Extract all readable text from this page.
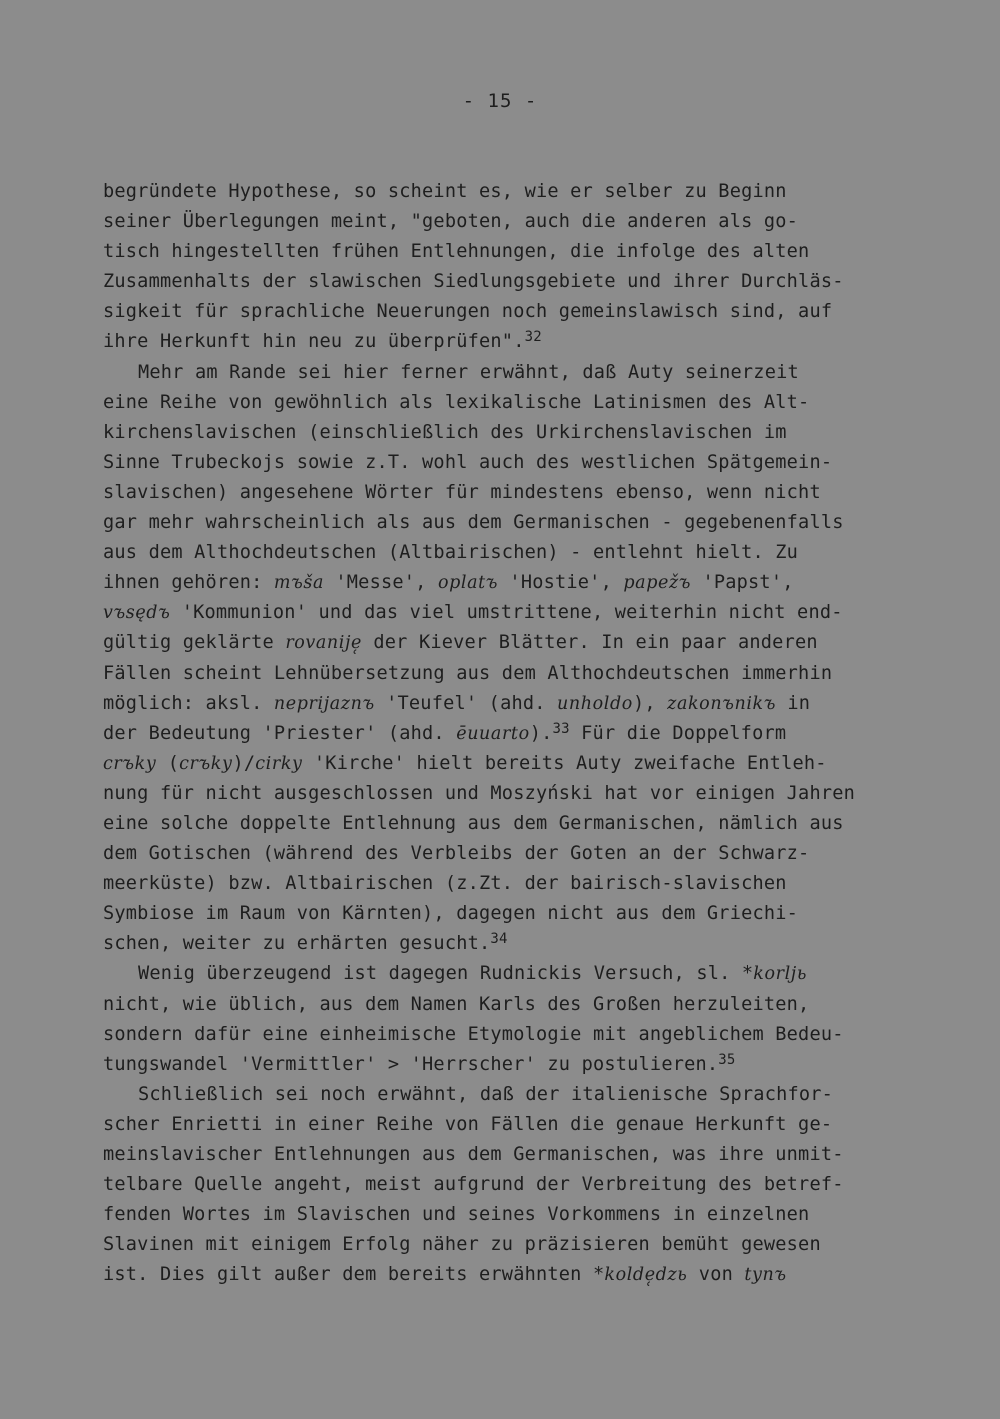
- 15 -
begründete Hypothese, so scheint es, wie er selber zu Beginn
seiner Überlegungen meint, "geboten, auch die anderen als go-
tisch hingestellten frühen Entlehnungen, die infolge des alten
Zusammenhalts der slawischen Siedlungsgebiete und ihrer Durchläs-
sigkeit für sprachliche Neuerungen noch gemeinslawisch sind, auf
ihre Herkunft hin neu zu überprüfen".$^{32}$
Mehr am Rande sei hier ferner erwähnt, daß Auty seinerzeit
eine Reihe von gewöhnlich als lexikalische Latinismen des Alt-
kirchenslavischen (einschließlich des Urkirchenslavischen im
Sinne Trubeckojs sowie z.T. wohl auch des westlichen Spätgemein-
slavischen) angesehene Wörter für mindestens ebenso, wenn nicht
gar mehr wahrscheinlich als aus dem Germanischen - gegebenenfalls
aus dem Althochdeutschen (Altbairischen) - entlehnt hielt. Zu
ihnen gehören: mъša 'Messe', oplatъ 'Hostie', papežъ 'Papst',
vъsędъ 'Kommunion' und das viel umstrittene, weiterhin nicht end-
gültig geklärte rovanije̜ der Kiever Blätter. In ein paar anderen
Fällen scheint Lehnübersetzung aus dem Althochdeutschen immerhin
möglich: aksl. neprijaznъ 'Teufel' (ahd. unholdo), zakonъnikъ in
der Bedeutung 'Priester' (ahd. ēuuarto).$^{33}$ Für die Doppelform
crъky (crъky)/cirky 'Kirche' hielt bereits Auty zweifache Entleh-
nung für nicht ausgeschlossen und Moszyński hat vor einigen Jahren
eine solche doppelte Entlehnung aus dem Germanischen, nämlich aus
dem Gotischen (während des Verbleibs der Goten an der Schwarz-
meerküste) bzw. Altbairischen (z.Zt. der bairisch-slavischen
Symbiose im Raum von Kärnten), dagegen nicht aus dem Griechi-
schen, weiter zu erhärten gesucht.$^{34}$
Wenig überzeugend ist dagegen Rudnickis Versuch, sl. *korljь
nicht, wie üblich, aus dem Namen Karls des Großen herzuleiten,
sondern dafür eine einheimische Etymologie mit angeblichem Bedeu-
tungswandel 'Vermittler' > 'Herrscher' zu postulieren.$^{35}$
Schließlich sei noch erwähnt, daß der italienische Sprachfor-
scher Enrietti in einer Reihe von Fällen die genaue Herkunft ge-
meinslavischer Entlehnungen aus dem Germanischen, was ihre unmit-
telbare Quelle angeht, meist aufgrund der Verbreitung des betref-
fenden Wortes im Slavischen und seines Vorkommens in einzelnen
Slavinen mit einigem Erfolg näher zu präzisieren bemüht gewesen
ist. Dies gilt außer dem bereits erwähnten *kolde̜dzь von tynъ
